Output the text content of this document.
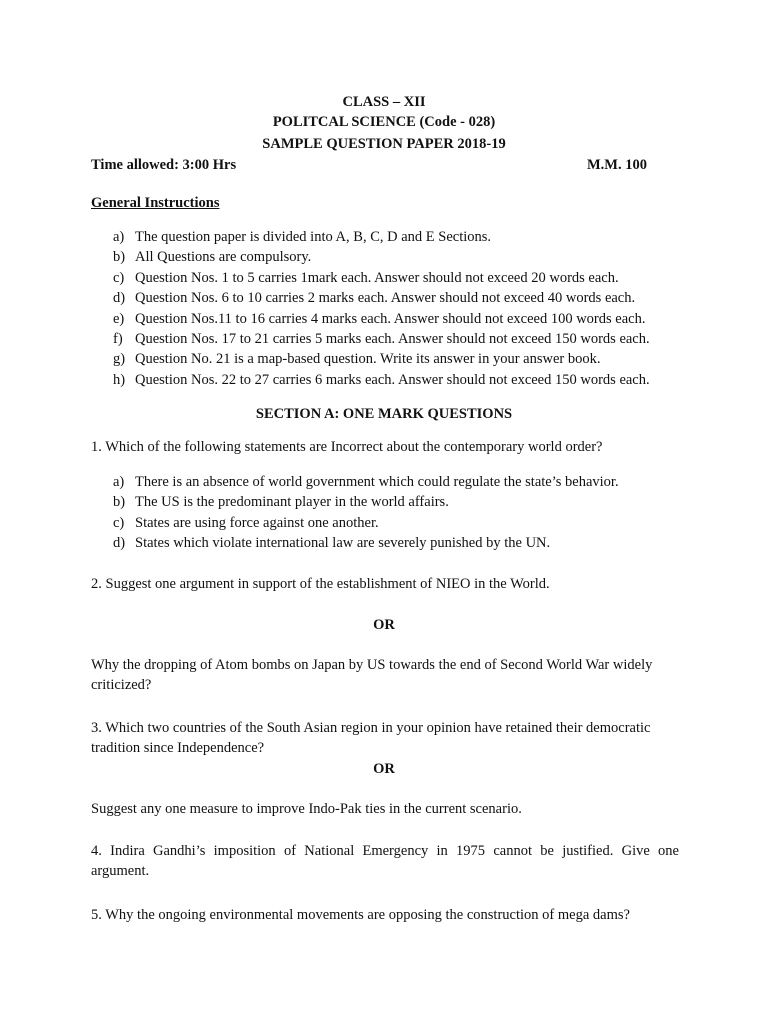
CLASS – XII
POLITCAL SCIENCE (Code - 028)
SAMPLE QUESTION PAPER 2018-19
Time allowed: 3:00 Hrs	M.M. 100
General Instructions
a) The question paper is divided into A, B, C, D and E Sections.
b) All Questions are compulsory.
c) Question Nos. 1 to 5 carries 1mark each. Answer should not exceed 20 words each.
d) Question Nos. 6 to 10 carries 2 marks each. Answer should not exceed 40 words each.
e) Question Nos.11 to 16 carries 4 marks each. Answer should not exceed 100 words each.
f) Question Nos. 17 to 21 carries 5 marks each. Answer should not exceed 150 words each.
g) Question No. 21 is a map-based question. Write its answer in your answer book.
h) Question Nos. 22 to 27 carries 6 marks each. Answer should not exceed 150 words each.
SECTION A: ONE MARK QUESTIONS
1. Which of the following statements are Incorrect about the contemporary world order?
a) There is an absence of world government which could regulate the state’s behavior.
b) The US is the predominant player in the world affairs.
c) States are using force against one another.
d) States which violate international law are severely punished by the UN.
2. Suggest one argument in support of the establishment of NIEO in the World.
OR
Why the dropping of Atom bombs on Japan by US towards the end of Second World War widely criticized?
3. Which two countries of the South Asian region in your opinion have retained their democratic tradition since Independence?
OR
Suggest any one measure to improve Indo-Pak ties in the current scenario.
4. Indira Gandhi’s imposition of National Emergency in 1975 cannot be justified. Give one argument.
5. Why the ongoing environmental movements are opposing the construction of mega dams?
